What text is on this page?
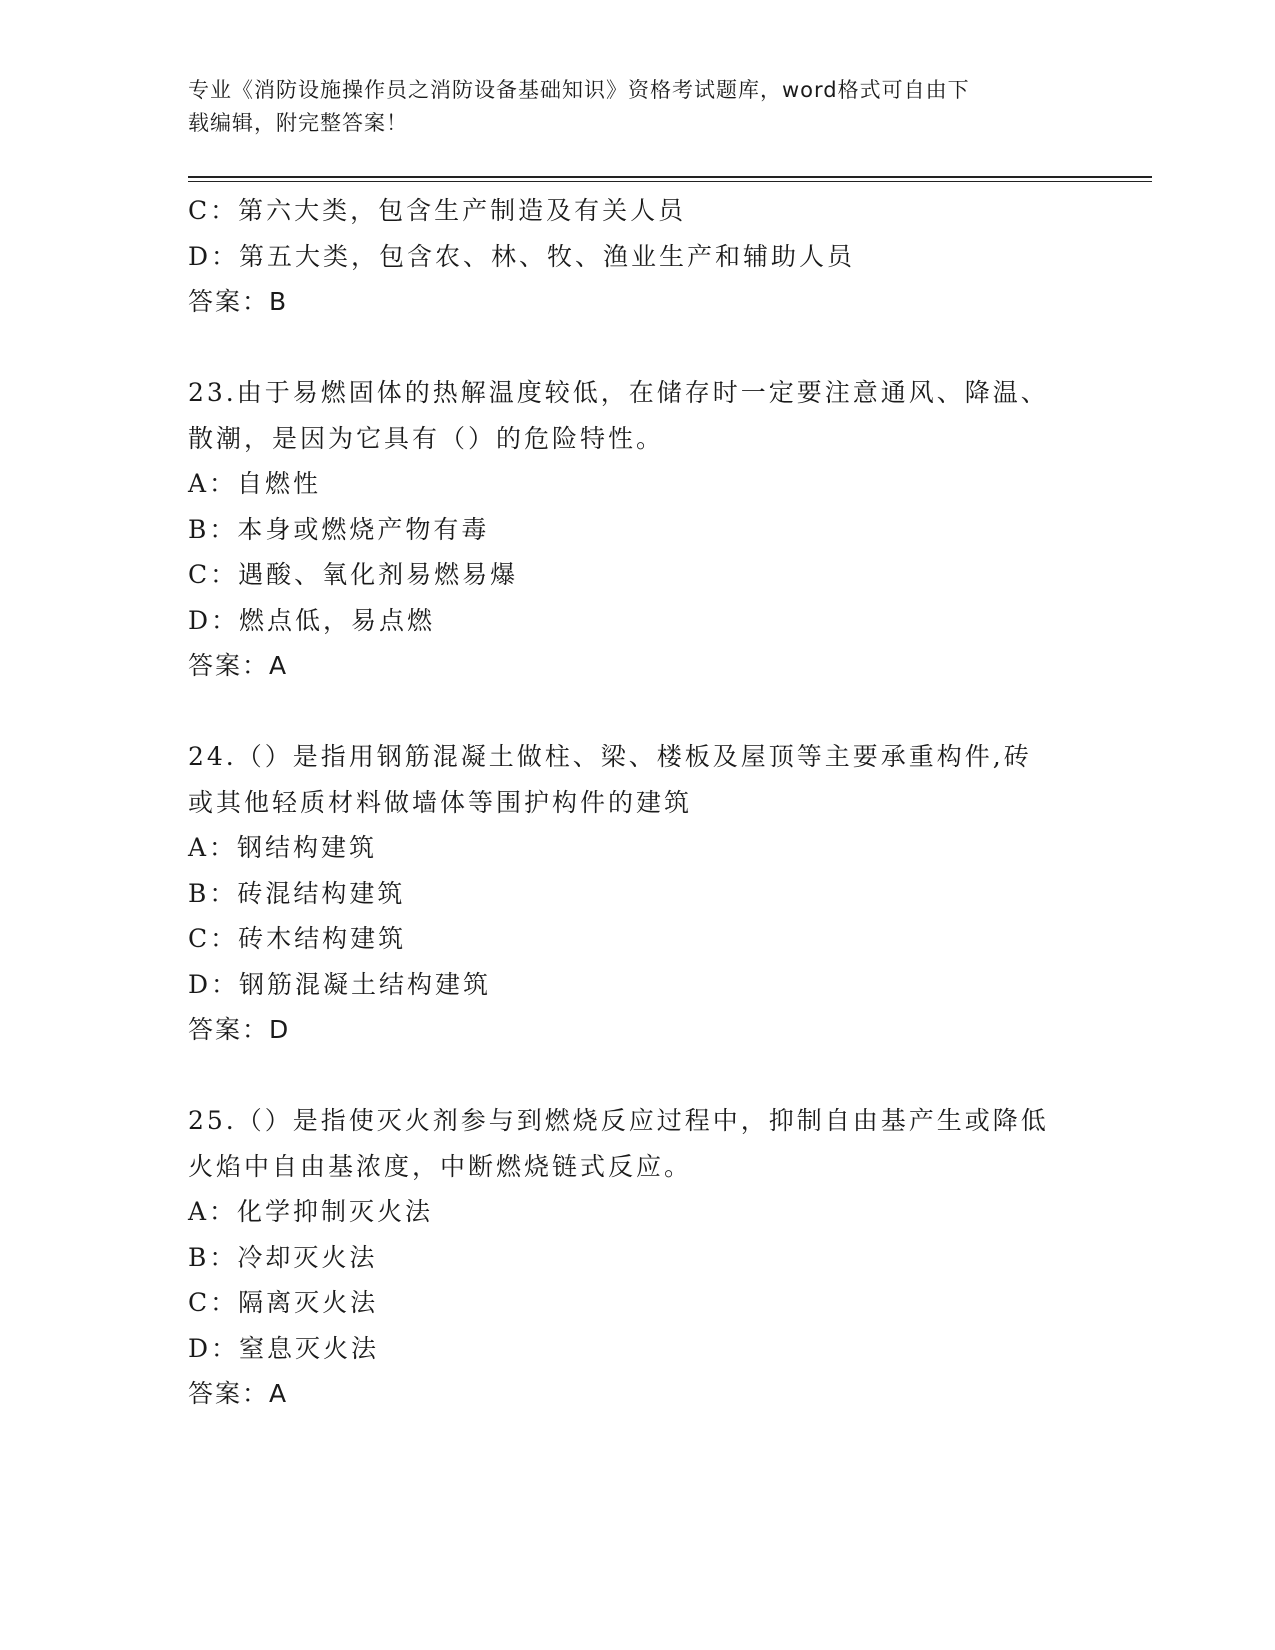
专业《消防设施操作员之消防设备基础知识》资格考试题库，word格式可自由下
载编辑，附完整答案！
C：第六大类，包含生产制造及有关人员
D：第五大类，包含农、林、牧、渔业生产和辅助人员
答案：B
23.由于易燃固体的热解温度较低，在储存时一定要注意通风、降温、
散潮，是因为它具有（）的危险特性。
A：自燃性
B：本身或燃烧产物有毒
C：遇酸、氧化剂易燃易爆
D：燃点低，易点燃
答案：A
24.（）是指用钢筋混凝土做柱、梁、楼板及屋顶等主要承重构件,砖
或其他轻质材料做墙体等围护构件的建筑
A：钢结构建筑
B：砖混结构建筑
C：砖木结构建筑
D：钢筋混凝土结构建筑
答案：D
25.（）是指使灭火剂参与到燃烧反应过程中，抑制自由基产生或降低
火焰中自由基浓度，中断燃烧链式反应。
A：化学抑制灭火法
B：冷却灭火法
C：隔离灭火法
D：窒息灭火法
答案：A
